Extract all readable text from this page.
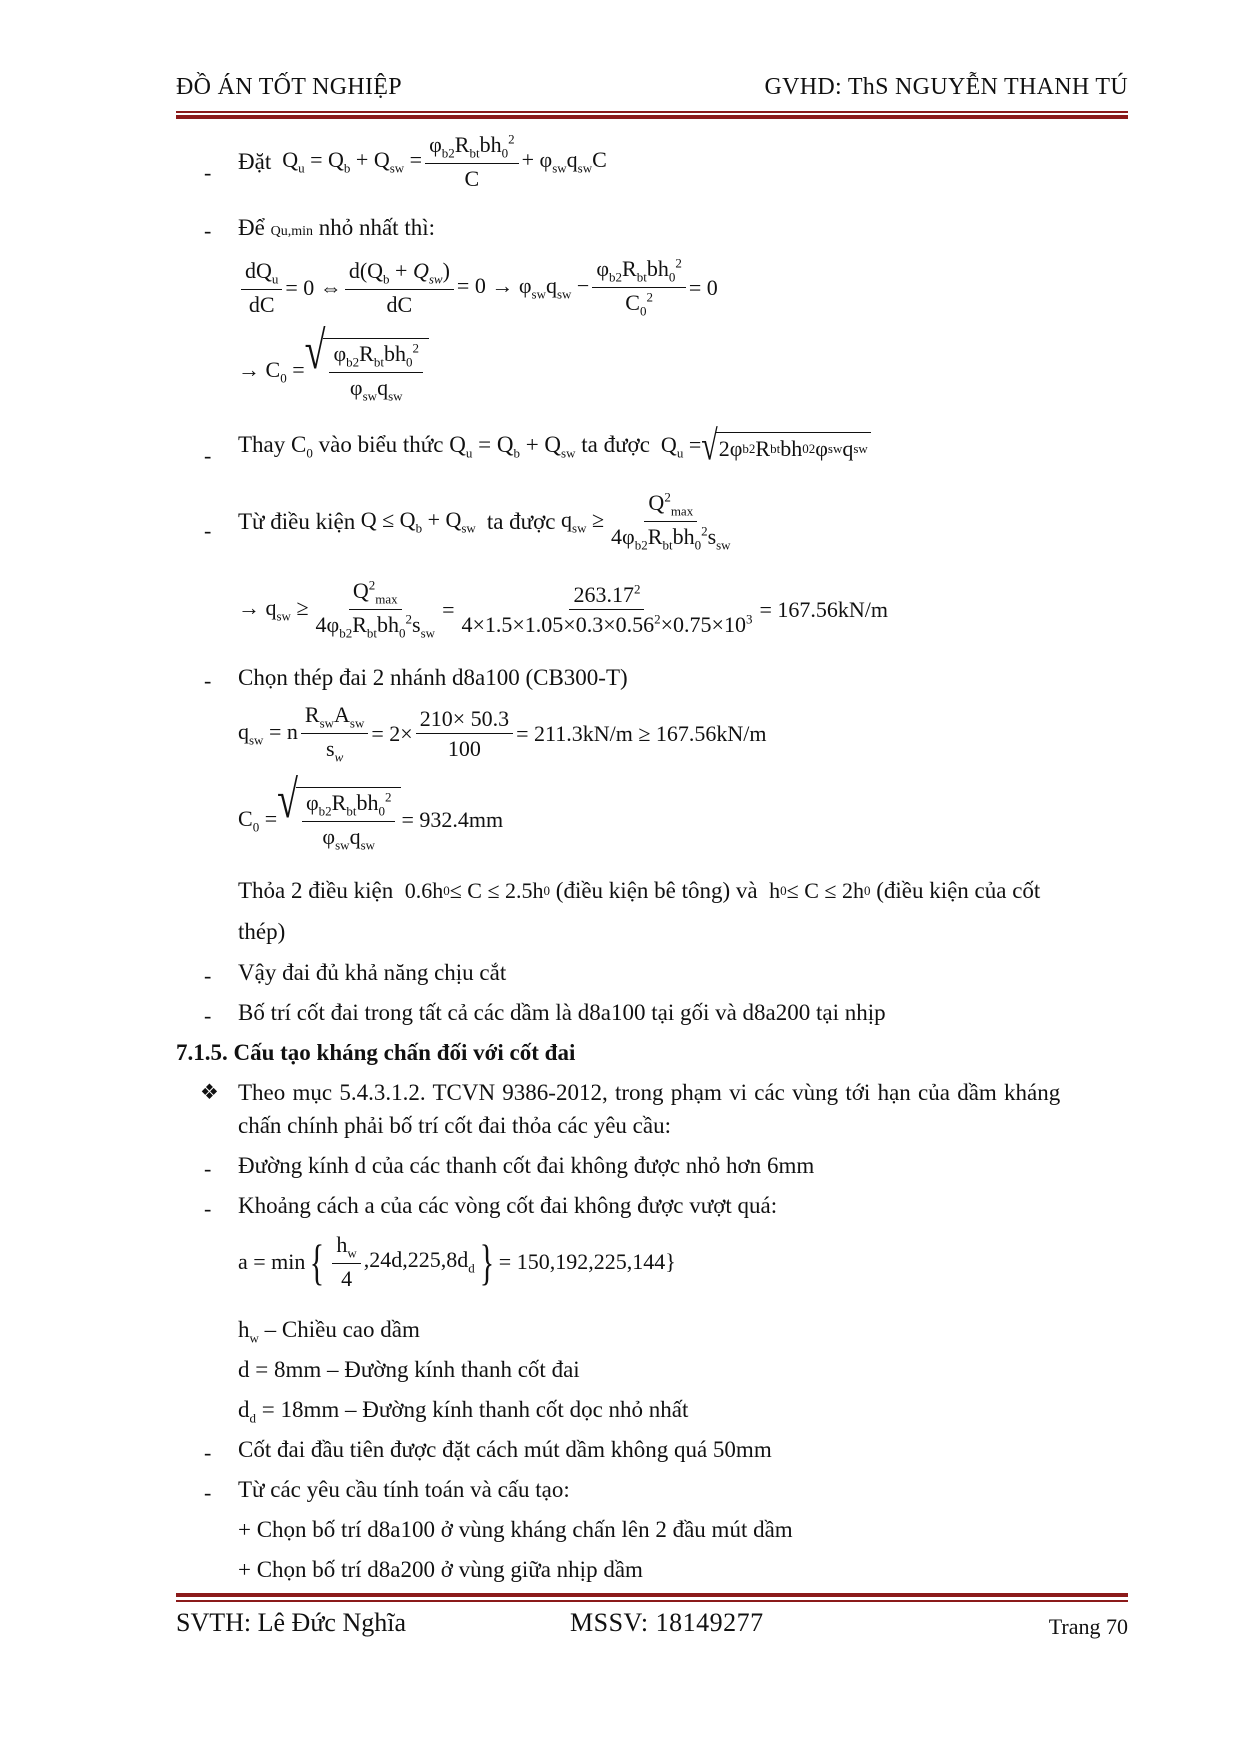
ĐỒ ÁN TỐT NGHIỆP	GVHD: ThS NGUYỄN THANH TÚ
- Đặt
$Q_u = Q_b + Q_{sw} = \frac{\varphi_{b2}R_{bt}bh_0^2}{C} + \varphi_{sw}q_{sw}C$
- Để Qu,min nhỏ nhất thì:
$\frac{dQ_u}{dC} = 0$ ⇔ $\frac{d(Q_b + Q_{sw})}{dC} = 0 \to \varphi_{sw}q_{sw} - \frac{\varphi_{b2}R_{bt}bh_0^2}{C_0^2} = 0$
→ $C_0$ = √ $\frac{\varphi_{b2}R_{bt}bh_0^2}{\varphi_{sw}q_{sw}}$
- Thay $C_0$ vào biểu thức $Q_u = Q_b + Q_{sw}$ ta được
$Q_u$ = √ 2φ b2 R bt bh 0 2 φ sw q sw
- Từ điều kiện
$Q \le Q_b + Q_{sw}$
ta được
$q_{sw} \ge \frac{Q^2_{max}}{4\varphi_{b2}R_{bt}bh_0^2s_{sw}}$
→ $q_{sw} \ge \frac{Q^2_{max}}{4\varphi_{b2}R_{bt}bh_0^2s_{sw}} = \frac{263.17^2}{4\times 1.5\times 1.05\times 0.3\times 0.56^2\times 0.75\times 10^3} = 167.56kN/m$
- Chọn thép đai 2 nhánh d8a100 (CB300-T)
$q_{sw} = n \frac{R_{sw}A_{sw}}{s_w} = 2\times \frac{210\times 50.3}{100} = 211.3kN/m \ge 167.56kN/m$
$C_0$ = √ $\frac{\varphi_{b2}R_{bt}bh_0^2}{\varphi_{sw}q_{sw}} = 932.4mm$
Thỏa 2 điều kiện 0.6h 0 ≤ C ≤ 2.5h 0 (điều kiện bê tông) và h 0 ≤ C ≤ 2h 0 (điều kiện của cốt
thép)
- Vậy đai đủ khả năng chịu cắt
- Bố trí cốt đai trong tất cả các dầm là d8a100 tại gối và d8a200 tại nhịp
7.1.5. Cấu tạo kháng chấn đối với cốt đai
❖ Theo mục 5.4.3.1.2. TCVN 9386-2012, trong phạm vi các vùng tới hạn của dầm kháng
chấn chính phải bố trí cốt đai thỏa các yêu cầu:
- Đường kính d của các thanh cốt đai không được nhỏ hơn 6mm
- Khoảng cách a của các vòng cốt đai không được vượt quá:
a = min { $\frac{h_w}{4} ,24d,225,8d_d$ } = 150,192,225,144}
$h_w$ – Chiều cao dầm
d = 8mm – Đường kính thanh cốt đai
$d_d = 18mm$ – Đường kính thanh cốt dọc nhỏ nhất
- Cốt đai đầu tiên được đặt cách mút dầm không quá 50mm
- Từ các yêu cầu tính toán và cấu tạo:
+ Chọn bố trí d8a100 ở vùng kháng chấn lên 2 đầu mút dầm
+ Chọn bố trí d8a200 ở vùng giữa nhịp dầm
SVTH: Lê Đức Nghĩa	MSSV: 18149277	Trang 70
